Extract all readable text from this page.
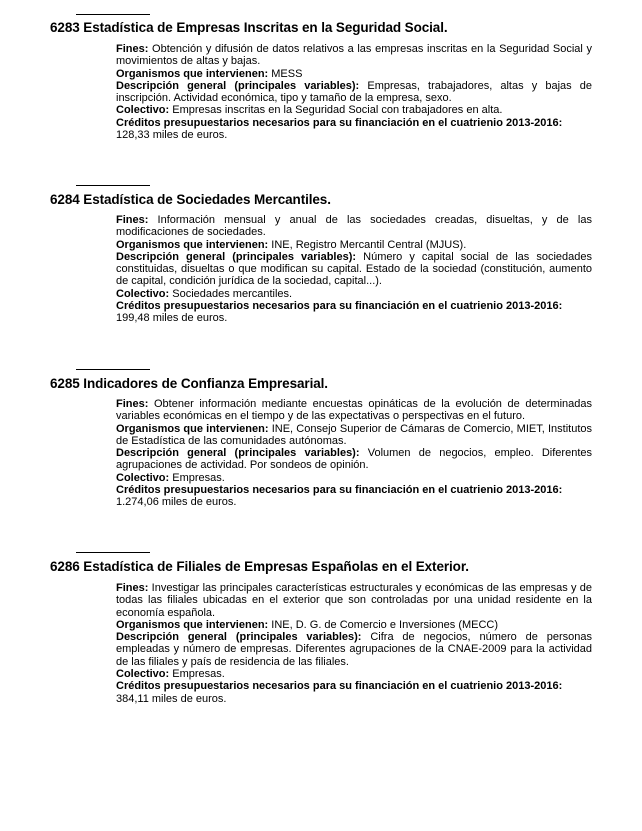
6283 Estadística de Empresas Inscritas en la Seguridad Social.

Fines: Obtención y difusión de datos relativos a las empresas inscritas en la Seguridad Social y movimientos de altas y bajas.

Organismos que intervienen: MESS

Descripción general (principales variables): Empresas, trabajadores, altas y bajas de inscripción. Actividad económica, tipo y tamaño de la empresa, sexo.

Colectivo: Empresas inscritas en la Seguridad Social con trabajadores en alta.

Créditos presupuestarios necesarios para su financiación en el cuatrienio 2013-2016:
128,33 miles de euros.

6284 Estadística de Sociedades Mercantiles.

Fines: Información mensual y anual de las sociedades creadas, disueltas, y de las modificaciones de sociedades.

Organismos que intervienen: INE, Registro Mercantil Central (MJUS).

Descripción general (principales variables): Número y capital social de las sociedades constituidas, disueltas o que modifican su capital. Estado de la sociedad (constitución, aumento de capital, condición jurídica de la sociedad, capital...).

Colectivo: Sociedades mercantiles.

Créditos presupuestarios necesarios para su financiación en el cuatrienio 2013-2016:
199,48 miles de euros.

6285 Indicadores de Confianza Empresarial.

Fines: Obtener información mediante encuestas opináticas de la evolución de determinadas variables económicas en el tiempo y de las expectativas o perspectivas en el futuro.

Organismos que intervienen: INE, Consejo Superior de Cámaras de Comercio, MIET, Institutos de Estadística de las comunidades autónomas.

Descripción general (principales variables): Volumen de negocios, empleo. Diferentes agrupaciones de actividad. Por sondeos de opinión.

Colectivo: Empresas.

Créditos presupuestarios necesarios para su financiación en el cuatrienio 2013-2016:
1.274,06 miles de euros.

6286 Estadística de Filiales de Empresas Españolas en el Exterior.

Fines: Investigar las principales características estructurales y económicas de las empresas y de todas las filiales ubicadas en el exterior que son controladas por una unidad residente en la economía española.

Organismos que intervienen: INE, D. G. de Comercio e Inversiones (MECC)

Descripción general (principales variables): Cifra de negocios, número de personas empleadas y número de empresas. Diferentes agrupaciones de la CNAE-2009 para la actividad de las filiales y país de residencia de las filiales.

Colectivo: Empresas.

Créditos presupuestarios necesarios para su financiación en el cuatrienio 2013-2016:
384,11 miles de euros.
